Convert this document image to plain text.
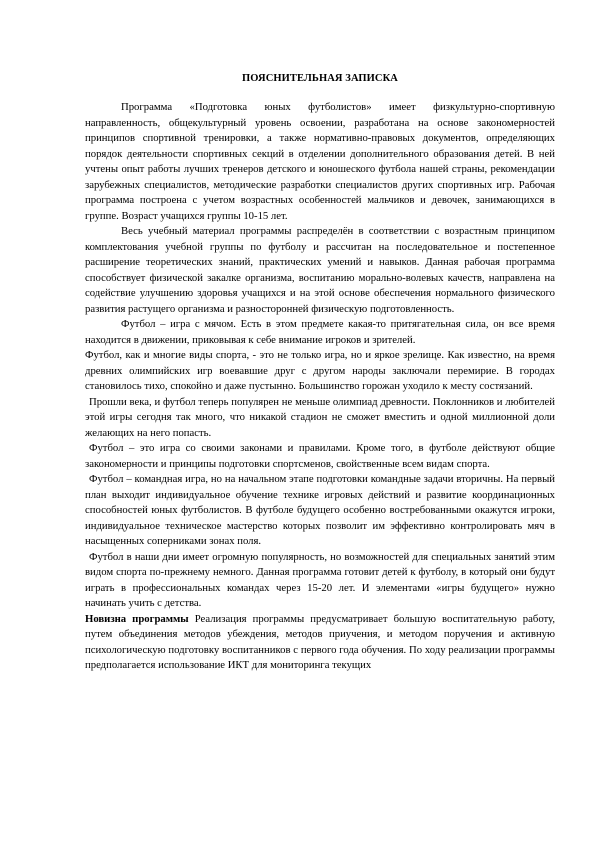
ПОЯСНИТЕЛЬНАЯ ЗАПИСКА

Программа «Подготовка юных футболистов» имеет физкультурно-спортивную направленность, общекультурный уровень освоении, разработана на основе закономерностей принципов спортивной тренировки, а также нормативно-правовых документов, определяющих порядок деятельности спортивных секций в отделении дополнительного образования детей. В ней учтены опыт работы лучших тренеров детского и юношеского футбола нашей страны, рекомендации зарубежных специалистов, методические разработки специалистов других спортивных игр. Рабочая программа построена с учетом возрастных особенностей мальчиков и девочек, занимающихся в группе. Возраст учащихся группы 10-15 лет.

Весь учебный материал программы распределён в соответствии с возрастным принципом комплектования учебной группы по футболу и рассчитан на последовательное и постепенное расширение теоретических знаний, практических умений и навыков. Данная рабочая программа способствует физической закалке организма, воспитанию морально-волевых качеств, направлена на содействие улучшению здоровья учащихся и на этой основе обеспечения нормального физического развития растущего организма и разносторонней физическую подготовленность.

Футбол – игра с мячом. Есть в этом предмете какая-то притягательная сила, он все время находится в движении, приковывая к себе внимание игроков и зрителей.

Футбол, как и многие виды спорта, - это не только игра, но и яркое зрелище. Как известно, на время древних олимпийских игр воевавшие друг с другом народы заключали перемирие. В городах становилось тихо, спокойно и даже пустынно. Большинство горожан уходило к месту состязаний.

Прошли века, и футбол теперь популярен не меньше олимпиад древности. Поклонников и любителей этой игры сегодня так много, что никакой стадион не сможет вместить и одной миллионной доли желающих на него попасть.

Футбол – это игра со своими законами и правилами. Кроме того, в футболе действуют общие закономерности и принципы подготовки спортсменов, свойственные всем видам спорта.

Футбол – командная игра, но на начальном этапе подготовки командные задачи вторичны. На первый план выходит индивидуальное обучение технике игровых действий и развитие координационных способностей юных футболистов. В футболе будущего особенно востребованными окажутся игроки, индивидуальное техническое мастерство которых позволит им эффективно контролировать мяч в насыщенных соперниками зонах поля.

Футбол в наши дни имеет огромную популярность, но возможностей для специальных занятий этим видом спорта по-прежнему немного. Данная программа готовит детей к футболу, в который они будут играть в профессиональных командах через 15-20 лет. И элементами «игры будущего» нужно начинать учить с детства.

Новизна программы Реализация программы предусматривает большую воспитательную работу, путем объединения методов убеждения, методов приучения, и методом поручения и активную психологическую подготовку воспитанников с первого года обучения. По ходу реализации программы предполагается использование ИКТ для мониторинга текущих
